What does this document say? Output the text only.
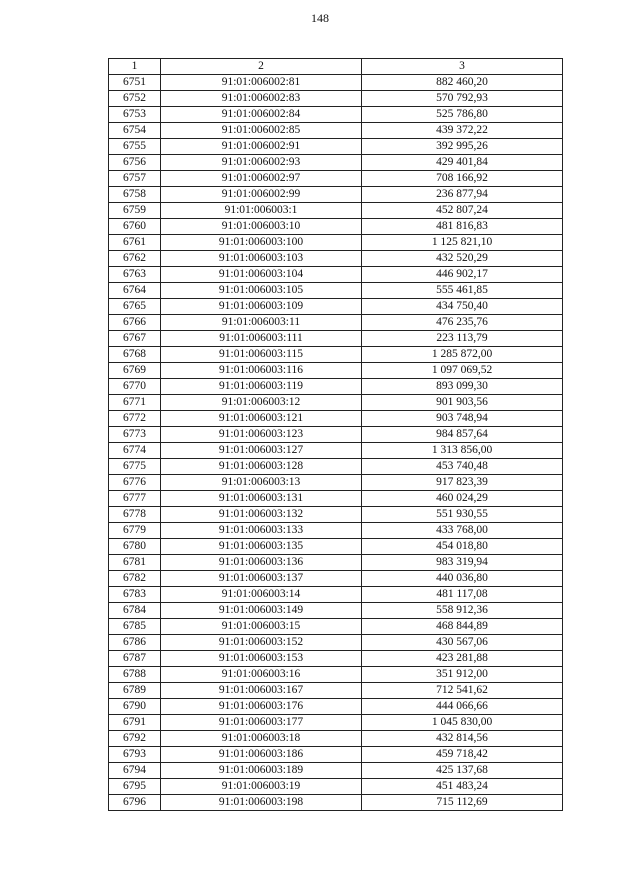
148
1	2	3
6751	91:01:006002:81	882 460,20
6752	91:01:006002:83	570 792,93
6753	91:01:006002:84	525 786,80
6754	91:01:006002:85	439 372,22
6755	91:01:006002:91	392 995,26
6756	91:01:006002:93	429 401,84
6757	91:01:006002:97	708 166,92
6758	91:01:006002:99	236 877,94
6759	91:01:006003:1	452 807,24
6760	91:01:006003:10	481 816,83
6761	91:01:006003:100	1 125 821,10
6762	91:01:006003:103	432 520,29
6763	91:01:006003:104	446 902,17
6764	91:01:006003:105	555 461,85
6765	91:01:006003:109	434 750,40
6766	91:01:006003:11	476 235,76
6767	91:01:006003:111	223 113,79
6768	91:01:006003:115	1 285 872,00
6769	91:01:006003:116	1 097 069,52
6770	91:01:006003:119	893 099,30
6771	91:01:006003:12	901 903,56
6772	91:01:006003:121	903 748,94
6773	91:01:006003:123	984 857,64
6774	91:01:006003:127	1 313 856,00
6775	91:01:006003:128	453 740,48
6776	91:01:006003:13	917 823,39
6777	91:01:006003:131	460 024,29
6778	91:01:006003:132	551 930,55
6779	91:01:006003:133	433 768,00
6780	91:01:006003:135	454 018,80
6781	91:01:006003:136	983 319,94
6782	91:01:006003:137	440 036,80
6783	91:01:006003:14	481 117,08
6784	91:01:006003:149	558 912,36
6785	91:01:006003:15	468 844,89
6786	91:01:006003:152	430 567,06
6787	91:01:006003:153	423 281,88
6788	91:01:006003:16	351 912,00
6789	91:01:006003:167	712 541,62
6790	91:01:006003:176	444 066,66
6791	91:01:006003:177	1 045 830,00
6792	91:01:006003:18	432 814,56
6793	91:01:006003:186	459 718,42
6794	91:01:006003:189	425 137,68
6795	91:01:006003:19	451 483,24
6796	91:01:006003:198	715 112,69
